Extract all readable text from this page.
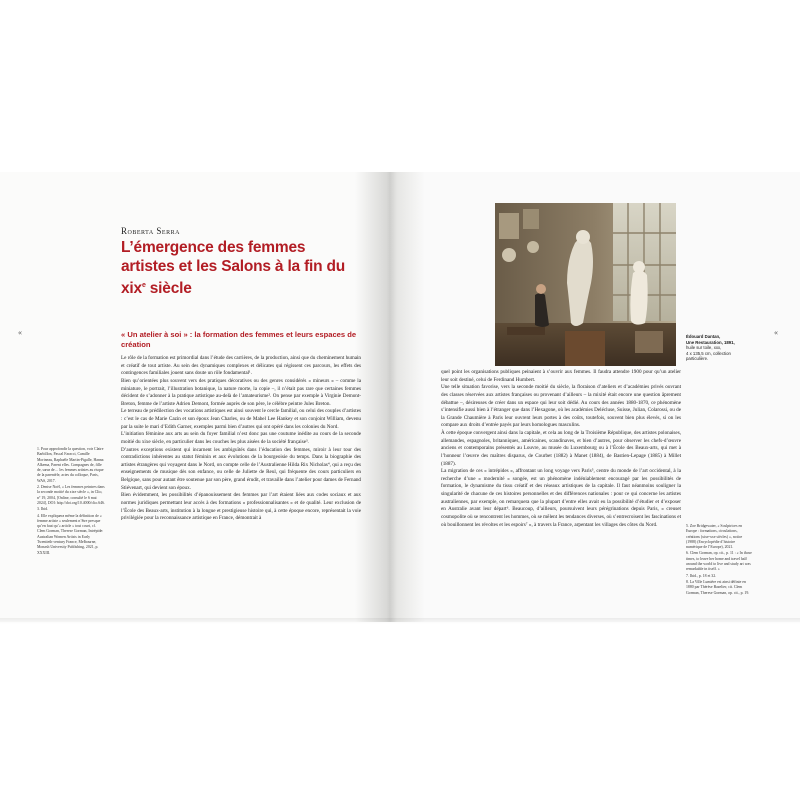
Roberta Serra
L’émergence des femmes artistes et les Salons à la fin du xix$^e$ siècle
«	«
« Un atelier à soi » : la formation des femmes et leurs espaces de création

Le rôle de la formation est primordial dans l’étude des carrières, de la production, ainsi que du cheminement humain et créatif de tout artiste. Au sein des dynamiques complexes et délicates qui régissent ces parcours, les effets des contingences familiales jouent sans doute un rôle fondamental¹.

Bien qu’orientées plus souvent vers des pratiques décoratives ou des genres considérés « mineurs » – comme la miniature, le portrait, l’illustration botanique, la nature morte, la copie –, il n’était pas rare que certaines femmes décident de s’adonner à la pratique artistique au-delà de l’amateurisme². On pense par exemple à Virginie Demont-Breton, femme de l’artiste Adrien Demont, formée auprès de son père, le célèbre peintre Jules Breton.

Le terreau de prédilection des vocations artistiques est ainsi souvent le cercle familial, ou celui des couples d’artistes : c’est le cas de Marie Cazin et son époux Jean Charles, ou de Mabel Lee Hankey et son conjoint William, devenu par la suite le mari d’Edith Garner, exemples parmi bien d’autres qui ont opéré dans les colonies du Nord.

L’initiation féminine aux arts au sein du foyer familial n’est donc pas une coutume inédite au cours de la seconde moitié du xixe siècle, en particulier dans les couches les plus aisées de la société française³.

D’autres exceptions existent qui incarnent les ambiguïtés dans l’éducation des femmes, miroir à leur tour des contradictions inhérentes au statut féminin et aux évolutions de la bourgeoisie du temps. Dans la biographie des artistes étrangères qui voyagent dans le Nord, on compte celle de l’Australienne Hilda Rix Nicholas⁴, qui a reçu des enseignements de musique dès son enfance, ou celle de Juliette de Reul, qui fréquente des cours particuliers en Belgique, sans pour autant être soutenue par son père, grand érudit, et travaille dans l’atelier pour dames de Fernand Stiévenart, qui devient son époux.

Bien évidemment, les possibilités d’épanouissement des femmes par l’art étaient liées aux codes sociaux et aux normes juridiques permettant leur accès à des formations « professionnalisantes » et de qualité. Leur exclusion de l’École des Beaux-arts, institution à la longue et prestigieuse histoire qui, à cette époque encore, représentait la voie privilégiée pour la reconnaissance artistique en France, démontrait à

1. Pour approfondir la question, voir Claire Barbillon, Pascal Faracci, Camille Morineau, Raphaële Martin-Pigalle, Hanna Alkema, Parent elles. Compagnes de, fille de, sœur de… les femmes artistes au risque de la parentèle, actes du colloque, Paris, WAS, 2017.

2. Denise Noël, « Les femmes peintres dans la seconde moitié du xixe siècle », in Clio, n° 19, 2004, [Online, consulté le 6 mai 2024], DOI: http://doi.org/10.4000/clio.646.

3. Ibid.

4. Elle expliquera même la définition de « femme artiste » seulement n’être presque qu’en faut qu’« article » tout court, cf. Clem Gorman, Therese Gorman, Intrépide: Australian Women Artists in Early Twentieth-century France, Melbourne, Monash University Publishing, 2021, p. XXXIII.

Édouard Dantan,
Une Restauration, 1891,
huile sur toile, xxx,
4 x 135,5 cm, collection
particulière.

quel point les organisations publiques peinaient à s’ouvrir aux femmes. Il faudra attendre 1900 pour qu’un atelier leur soit destiné, celui de Ferdinand Humbert.

Une telle situation favorise, vers la seconde moitié du siècle, la floraison d’ateliers et d’académies privés ouvrant des classes réservées aux artistes françaises ou provenant d’ailleurs – la mixité était encore une question âprement débattue –, désireuses de créer dans un espace qui leur soit dédié. Au cours des années 1880-1870, ce phénomène s’intensifie aussi bien à l’étranger que dans l’Hexagone, où les académies Delécluse, Suisse, Julian, Colarossi, ou de la Grande Chaumière à Paris leur ouvrent leurs portes à des coûts, toutefois, souvent bien plus élevés, si on les compare aux droits d’entrée payés par leurs homologues masculins.

À cette époque convergent ainsi dans la capitale, et cela au long de la Troisième République, des artistes polonaises, allemandes, espagnoles, britanniques, américaines, scandinaves, et bien d’autres, pour observer les chefs-d’œuvre anciens et contemporains présentés au Louvre, au musée du Luxembourg ou à l’École des Beaux-arts, qui met à l’honneur l’œuvre des maîtres disparus, de Courbet (1882) à Manet (1884), de Bastien-Lepage (1885) à Millet (1887).

La migration de ces « intrépides », affrontant un long voyage vers Paris⁵, centre du monde de l’art occidental, à la recherche d’une « modernité » songée, est un phénomène indéniablement encouragé par les possibilités de formation, le dynamisme du tissu créatif et des réseaux artistiques de la capitale. Il faut néanmoins souligner la singularité de chacune de ces histoires personnelles et des différences nationales : pour ce qui concerne les artistes australiennes, par exemple, on remarquera que la plupart d’entre elles avait eu la possibilité d’étudier et d’exposer en Australie avant leur départ⁶. Beaucoup, d’ailleurs, poursuivent leurs pérégrinations depuis Paris, « creuset cosmopolite où se rencontrent les hommes, où se mêlent les tendances diverses, où s’entrecroisent les fascinations et où bouillonnent les révoltes et les espoirs⁷ », à travers la France, arpentant les villages des côtes du Nord.	5. Zoe Bridgewater, « Sculptrices en Europe : formations, circulations, créations (xixe-xxe siècles) », notice (1988) (Encyclopédie d’histoire numérique de l’Europe), 2021.

6. Clem Gorman, op. cit., p. 11 : « In those times, to leave her home and travel half around the world to live and study art was remarkable in itself. »

7. Ibid., p. 18 et 32.

8. La Ville Lumière est ainsi définie en 1880 par Thérèse Bazelier, cit. Clem Gorman, Therese Gorman, op. cit., p. 19.
